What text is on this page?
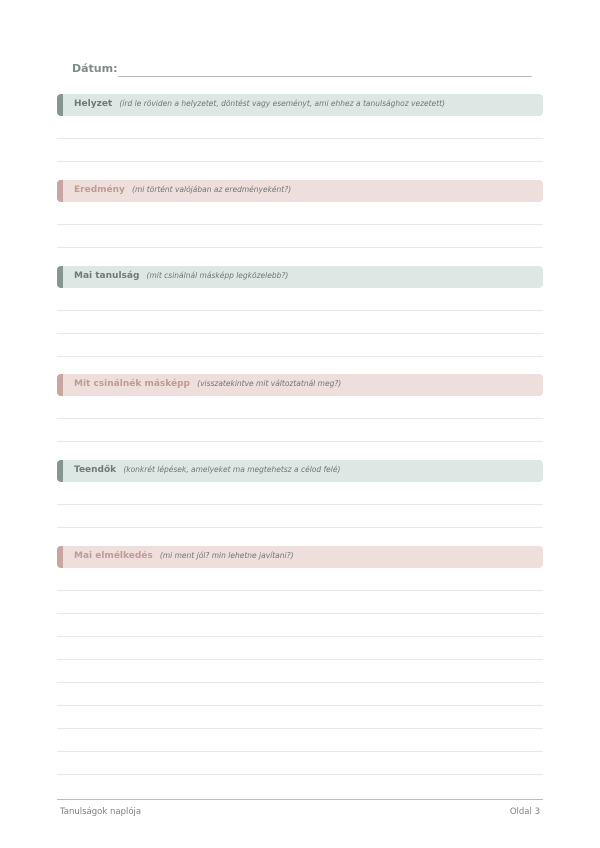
Dátum:
Helyzet (írd le röviden a helyzetet, döntést vagy eseményt, ami ehhez a tanulsághoz vezetett)
Eredmény (mi történt valójában az eredményeként?)
Mai tanulság (mit csinálnál másképp legközelebb?)
Mit csinálnék másképp (visszatekintve mit változtatnál meg?)
Teendők (konkrét lépések, amelyeket ma megtehetsz a célod felé)
Mai elmélkedés (mi ment jól? min lehetne javítani?)
Tanulságok naplója	Oldal 3
